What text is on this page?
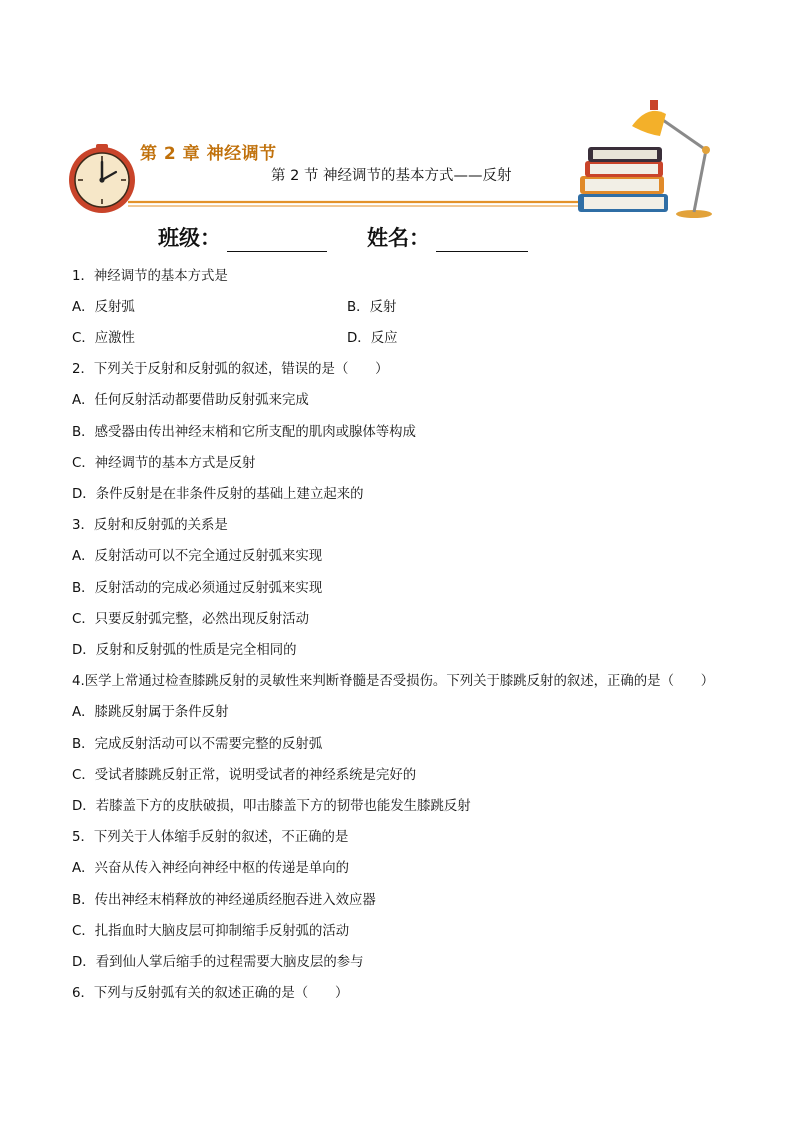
第 2 章 神经调节
第 2 节 神经调节的基本方式——反射
班级：	姓名：
1．神经调节的基本方式是
A．反射弧	B．反射
C．应激性	D．反应
2．下列关于反射和反射弧的叙述，错误的是（　　）
A．任何反射活动都要借助反射弧来完成
B．感受器由传出神经末梢和它所支配的肌肉或腺体等构成
C．神经调节的基本方式是反射
D．条件反射是在非条件反射的基础上建立起来的
3．反射和反射弧的关系是
A．反射活动可以不完全通过反射弧来实现
B．反射活动的完成必须通过反射弧来实现
C．只要反射弧完整，必然出现反射活动
D．反射和反射弧的性质是完全相同的
4.医学上常通过检查膝跳反射的灵敏性来判断脊髓是否受损伤。下列关于膝跳反射的叙述，正确的是（　　）
A．膝跳反射属于条件反射
B．完成反射活动可以不需要完整的反射弧
C．受试者膝跳反射正常，说明受试者的神经系统是完好的
D．若膝盖下方的皮肤破损，叩击膝盖下方的韧带也能发生膝跳反射
5．下列关于人体缩手反射的叙述，不正确的是
A．兴奋从传入神经向神经中枢的传递是单向的
B．传出神经末梢释放的神经递质经胞吞进入效应器
C．扎指血时大脑皮层可抑制缩手反射弧的活动
D．看到仙人掌后缩手的过程需要大脑皮层的参与
6．下列与反射弧有关的叙述正确的是（　　）
